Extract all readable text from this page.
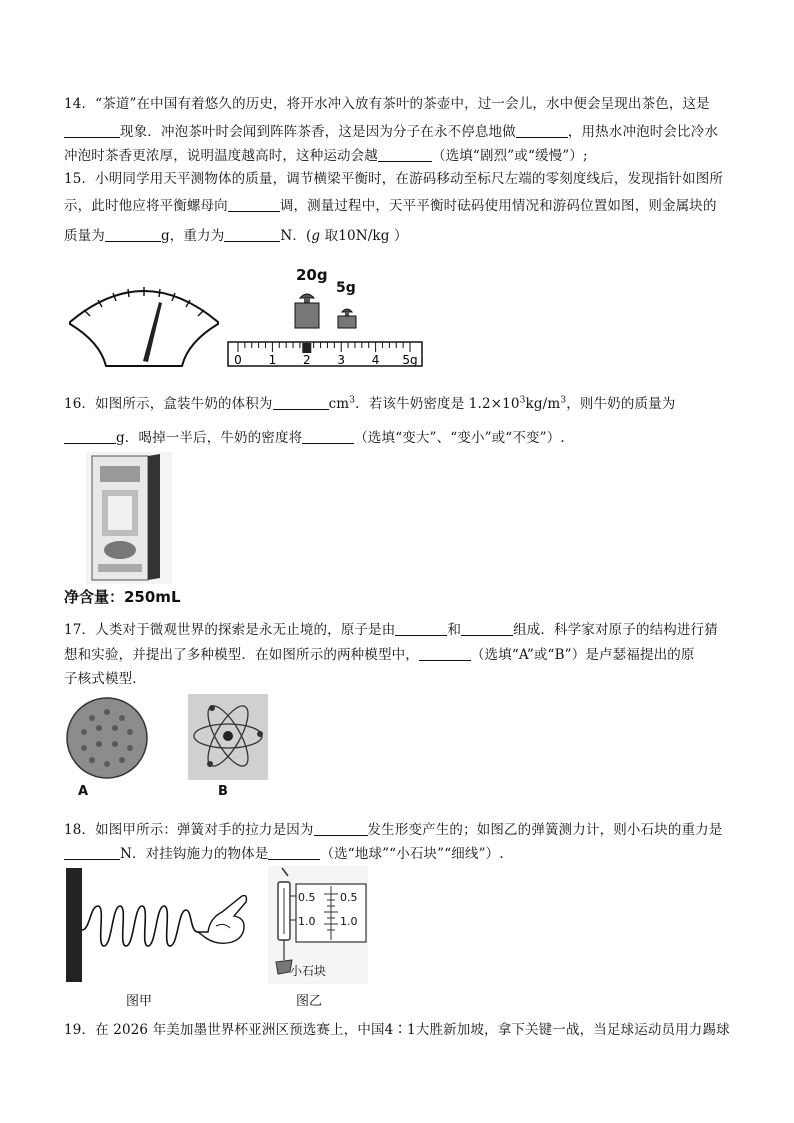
14．“茶道”在中国有着悠久的历史，将开水冲入放有茶叶的茶壶中，过一会儿，水中便会呈现出茶色，这是
现象．冲泡茶叶时会闻到阵阵茶香，这是因为分子在永不停息地做	，用热水冲泡时会比冷水
冲泡时茶香更浓厚，说明温度越高时，这种运动会越	（选填“剧烈”或“缓慢”）;
15．小明同学用天平测物体的质量，调节横梁平衡时，在游码移动至标尺左端的零刻度线后，发现指针如图所
示，此时他应将平衡螺母向	调，测量过程中，天平平衡时砝码使用情况和游码位置如图，则金属块的
质量为	g，重力为	N．(g 取10N/kg ）
20g
5g
0 1 2 3 4 5g
16．如图所示，盒装牛奶的体积为	$cm^3$．若该牛奶密度是 $1.2\times 10^3kg/m^3$，则牛奶的质量为
g．喝掉一半后，牛奶的密度将	（选填“变大”、“变小”或“不变”）.
净含量：250mL
17．人类对于微观世界的探索是永无止境的，原子是由	和	组成．科学家对原子的结构进行猜
想和实验，并提出了多种模型．在如图所示的两种模型中，	（选填“A”或“B”）是卢瑟福提出的原
子核式模型．
A	B
18．如图甲所示：弹簧对手的拉力是因为	发生形变产生的；如图乙的弹簧测力计，则小石块的重力是
N．对挂钩施力的物体是	（选“地球”“小石块”“细线”）.
图甲
0.5 0.5
1.0 1.0
小石块
图乙
19．在 2026 年美加墨世界杯亚洲区预选赛上，中国4∶1大胜新加坡，拿下关键一战，当足球运动员用力踢球
